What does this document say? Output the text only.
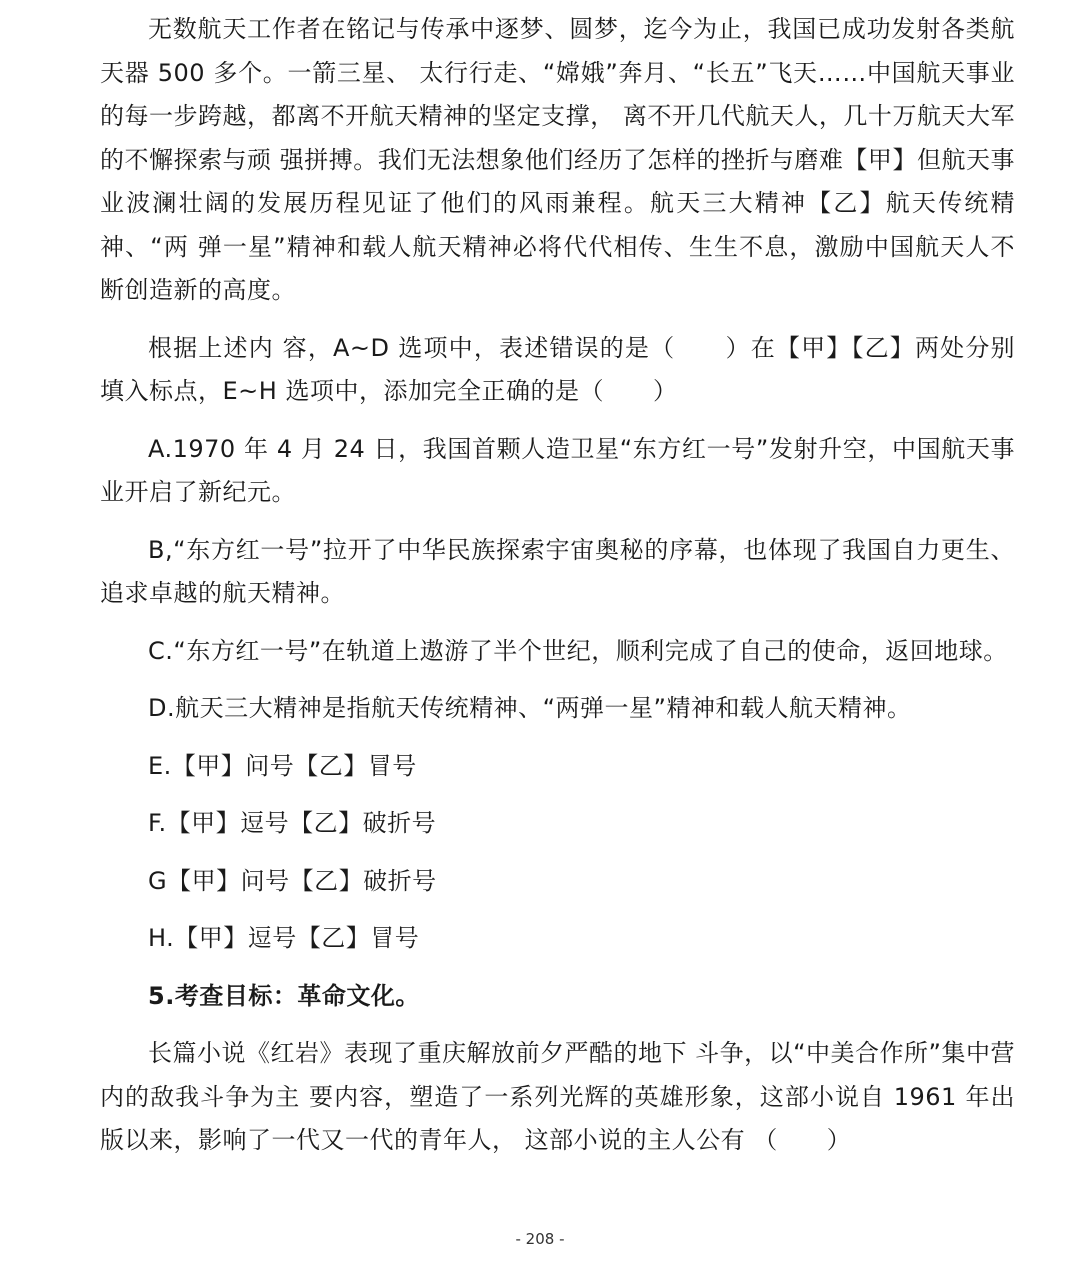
无数航天工作者在铭记与传承中逐梦、圆梦，迄今为止，我国已成功发射各类航天器 500 多个。一箭三星、 太行行走、“嫦娥”奔月、“长五”飞天……中国航天事业的每一步跨越，都离不开航天精神的坚定支撑， 离不开几代航天人，几十万航天大军的不懈探索与顽 强拼搏。我们无法想象他们经历了怎样的挫折与磨难【甲】但航天事业波澜壮阔的发展历程见证了他们的风雨兼程。航天三大精神【乙】航天传统精神、“两 弹一星”精神和载人航天精神必将代代相传、生生不息，激励中国航天人不断创造新的高度。

根据上述内 容，A~D 选项中，表述错误的是（　　）在【甲】【乙】两处分别填入标点，E~H 选项中，添加完全正确的是（　　）

A.1970 年 4 月 24 日，我国首颗人造卫星“东方红一号”发射升空，中国航天事业开启了新纪元。

B,“东方红一号”拉开了中华民族探索宇宙奥秘的序幕，也体现了我国自力更生、追求卓越的航天精神。

C.“东方红一号”在轨道上遨游了半个世纪，顺利完成了自己的使命，返回地球。

D.航天三大精神是指航天传统精神、“两弹一星”精神和载人航天精神。

E.【甲】问号【乙】冒号

F.【甲】逗号【乙】破折号

G【甲】问号【乙】破折号

H.【甲】逗号【乙】冒号

5.考查目标：革命文化。

长篇小说《红岩》表现了重庆解放前夕严酷的地下 斗争，以“中美合作所”集中营内的敌我斗争为主 要内容，塑造了一系列光辉的英雄形象，这部小说自 1961 年出版以来，影响了一代又一代的青年人， 这部小说的主人公有 （　　）

- 208 -
